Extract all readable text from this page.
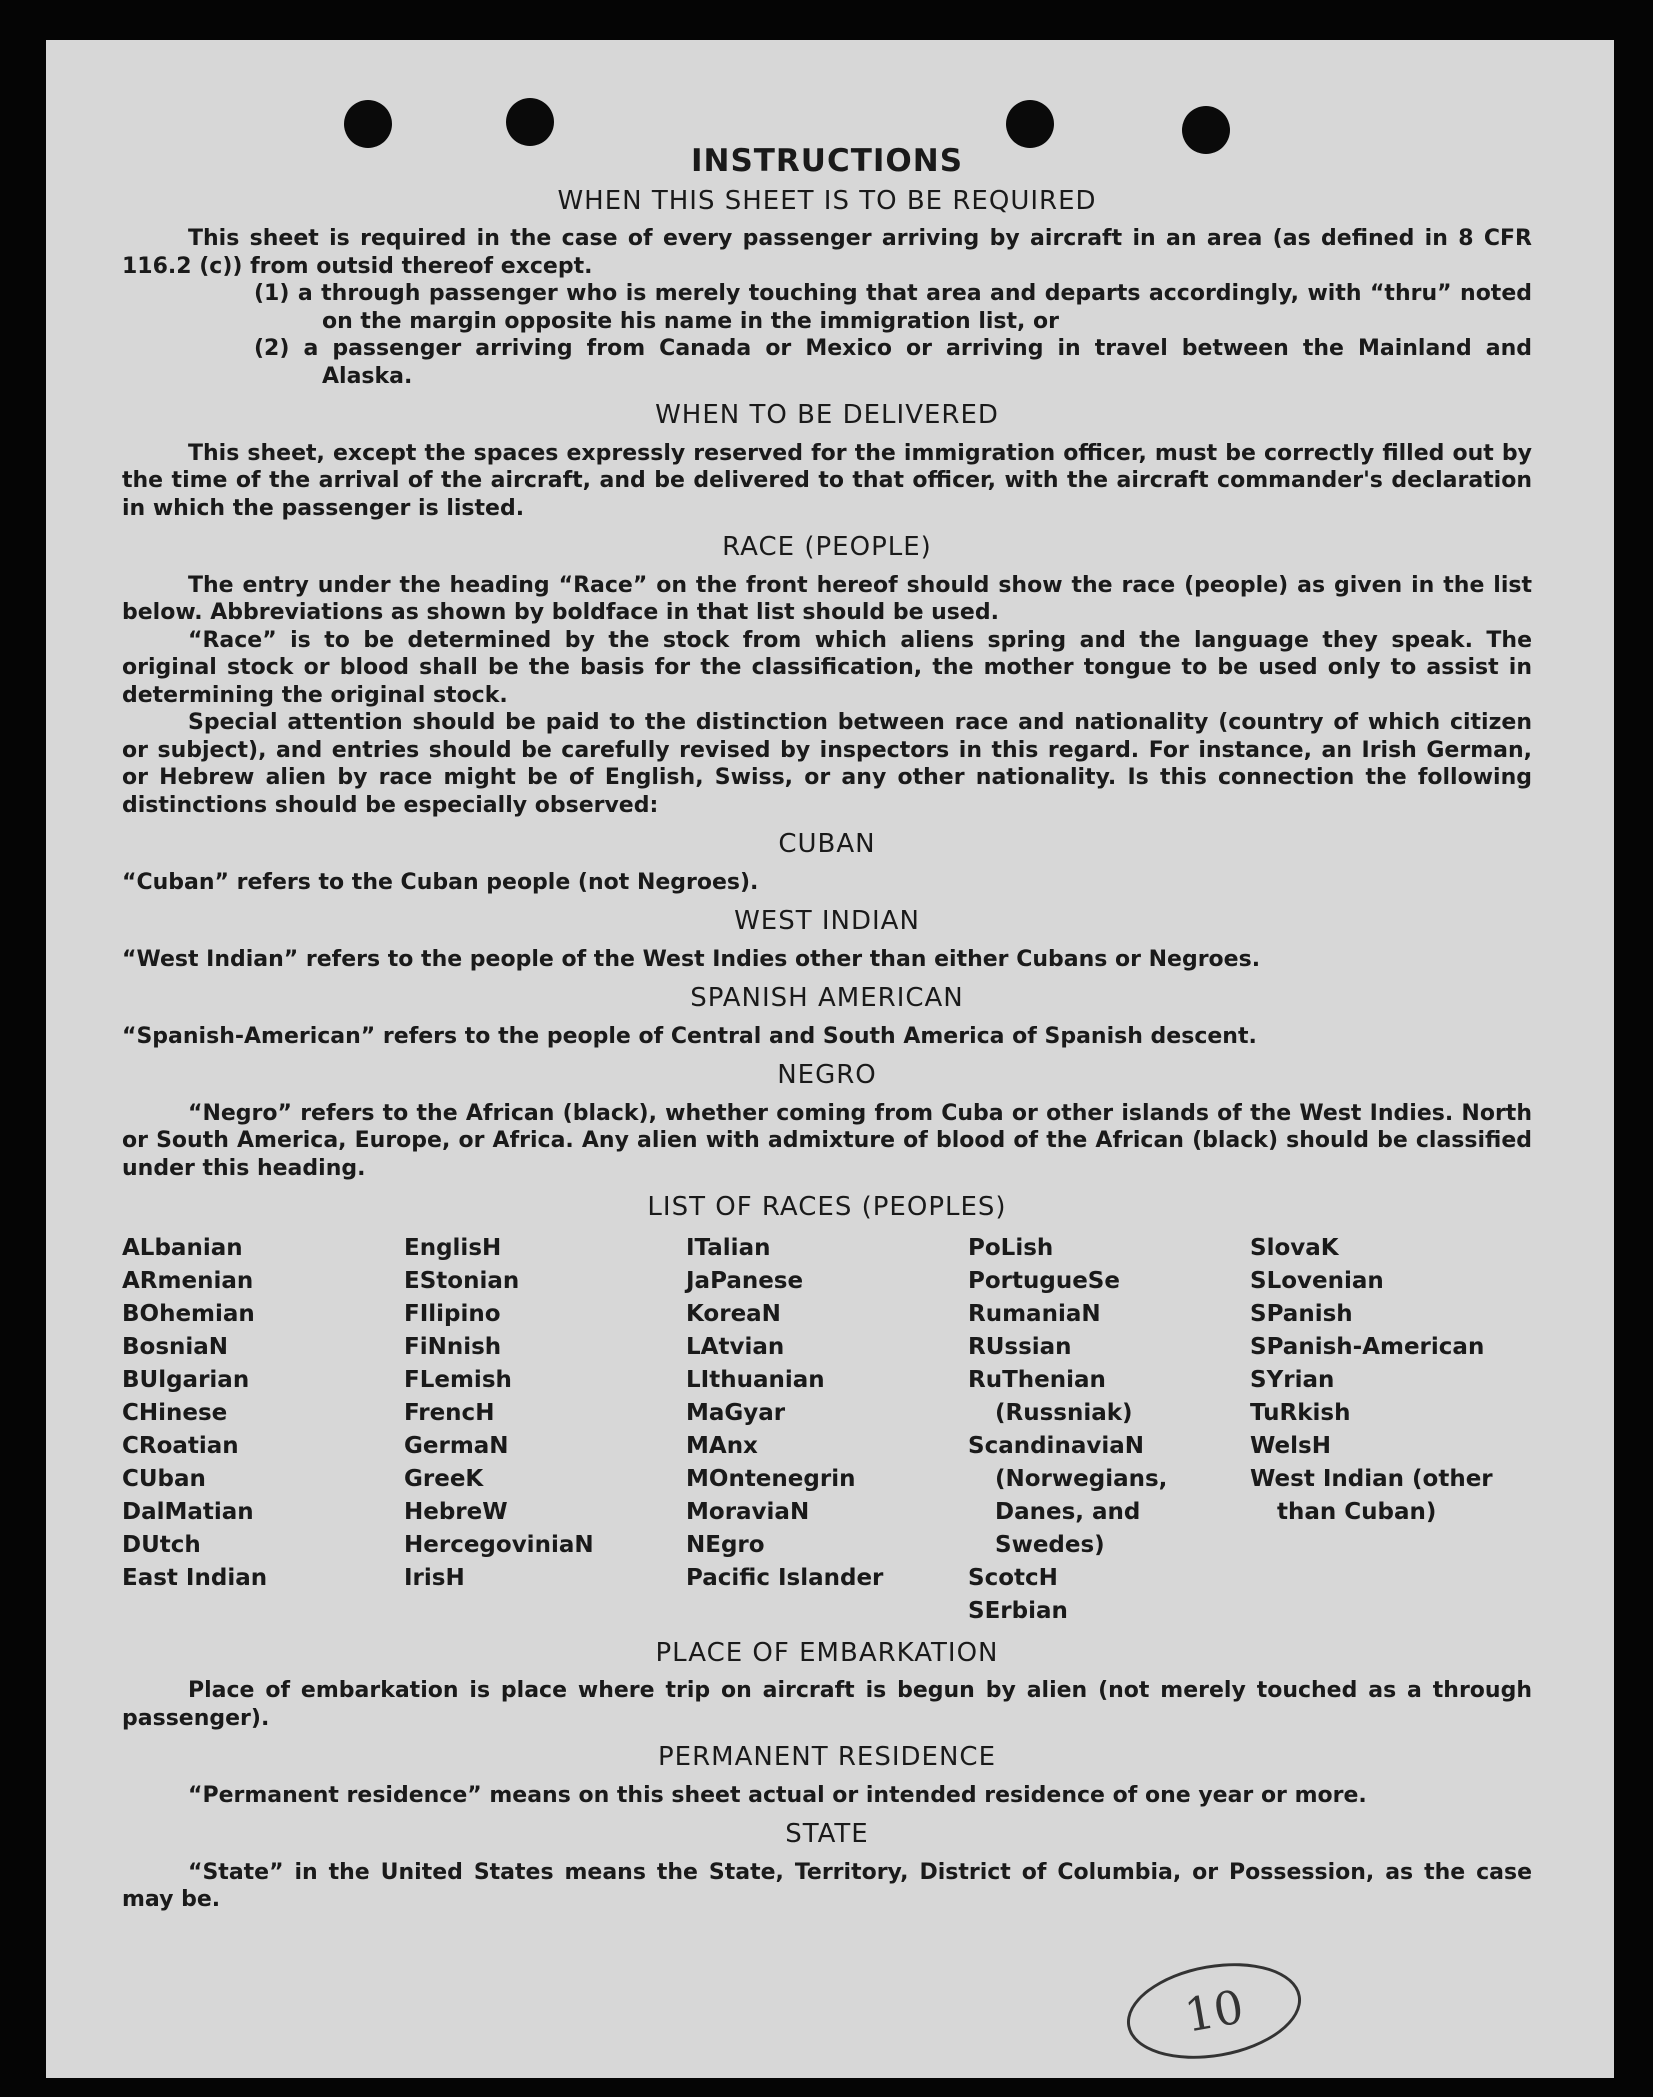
INSTRUCTIONS
WHEN THIS SHEET IS TO BE REQUIRED

This sheet is required in the case of every passenger arriving by aircraft in an area (as defined in 8 CFR 116.2 (c)) from outsid thereof except.

(1) a through passenger who is merely touching that area and departs accordingly, with “thru” noted on the margin opposite his name in the immigration list, or

(2) a passenger arriving from Canada or Mexico or arriving in travel between the Mainland and Alaska.

WHEN TO BE DELIVERED

This sheet, except the spaces expressly reserved for the immigration officer, must be correctly filled out by the time of the arrival of the aircraft, and be delivered to that officer, with the aircraft commander's declaration in which the passenger is listed.

RACE (PEOPLE)

The entry under the heading “Race” on the front hereof should show the race (people) as given in the list below. Abbreviations as shown by boldface in that list should be used.

“Race” is to be determined by the stock from which aliens spring and the language they speak. The original stock or blood shall be the basis for the classification, the mother tongue to be used only to assist in determining the original stock.

Special attention should be paid to the distinction between race and nationality (country of which citizen or subject), and entries should be carefully revised by inspectors in this regard. For instance, an Irish German, or Hebrew alien by race might be of English, Swiss, or any other nationality. Is this connection the following distinctions should be especially observed:

CUBAN

“Cuban” refers to the Cuban people (not Negroes).

WEST INDIAN

“West Indian” refers to the people of the West Indies other than either Cubans or Negroes.

SPANISH AMERICAN

“Spanish-American” refers to the people of Central and South America of Spanish descent.

NEGRO

“Negro” refers to the African (black), whether coming from Cuba or other islands of the West Indies. North or South America, Europe, or Africa. Any alien with admixture of blood of the African (black) should be classified under this heading.

LIST OF RACES (PEOPLES)
ALbanian
ARmenian
BOhemian
BosniaN
BUlgarian
CHinese
CRoatian
CUban
DalMatian
DUtch
East Indian
EnglisH
EStonian
FIlipino
FiNnish
FLemish
FrencH
GermaN
GreeK
HebreW
HercegoviniaN
IrisH
ITalian
JaPanese
KoreaN
LAtvian
LIthuanian
MaGyar
MAnx
MOntenegrin
MoraviaN
NEgro
Pacific Islander
PoLish
PortugueSe
RumaniaN
RUssian
RuThenian (Russniak)
ScandinaviaN (Norwegians, Danes, and Swedes)
ScotcH
SErbian
SlovaK
SLovenian
SPanish
SPanish-American
SYrian
TuRkish
WelsH
West Indian (other than Cuban)
PLACE OF EMBARKATION

Place of embarkation is place where trip on aircraft is begun by alien (not merely touched as a through passenger).

PERMANENT RESIDENCE

“Permanent residence” means on this sheet actual or intended residence of one year or more.

STATE

“State” in the United States means the State, Territory, District of Columbia, or Possession, as the case may be.

10
